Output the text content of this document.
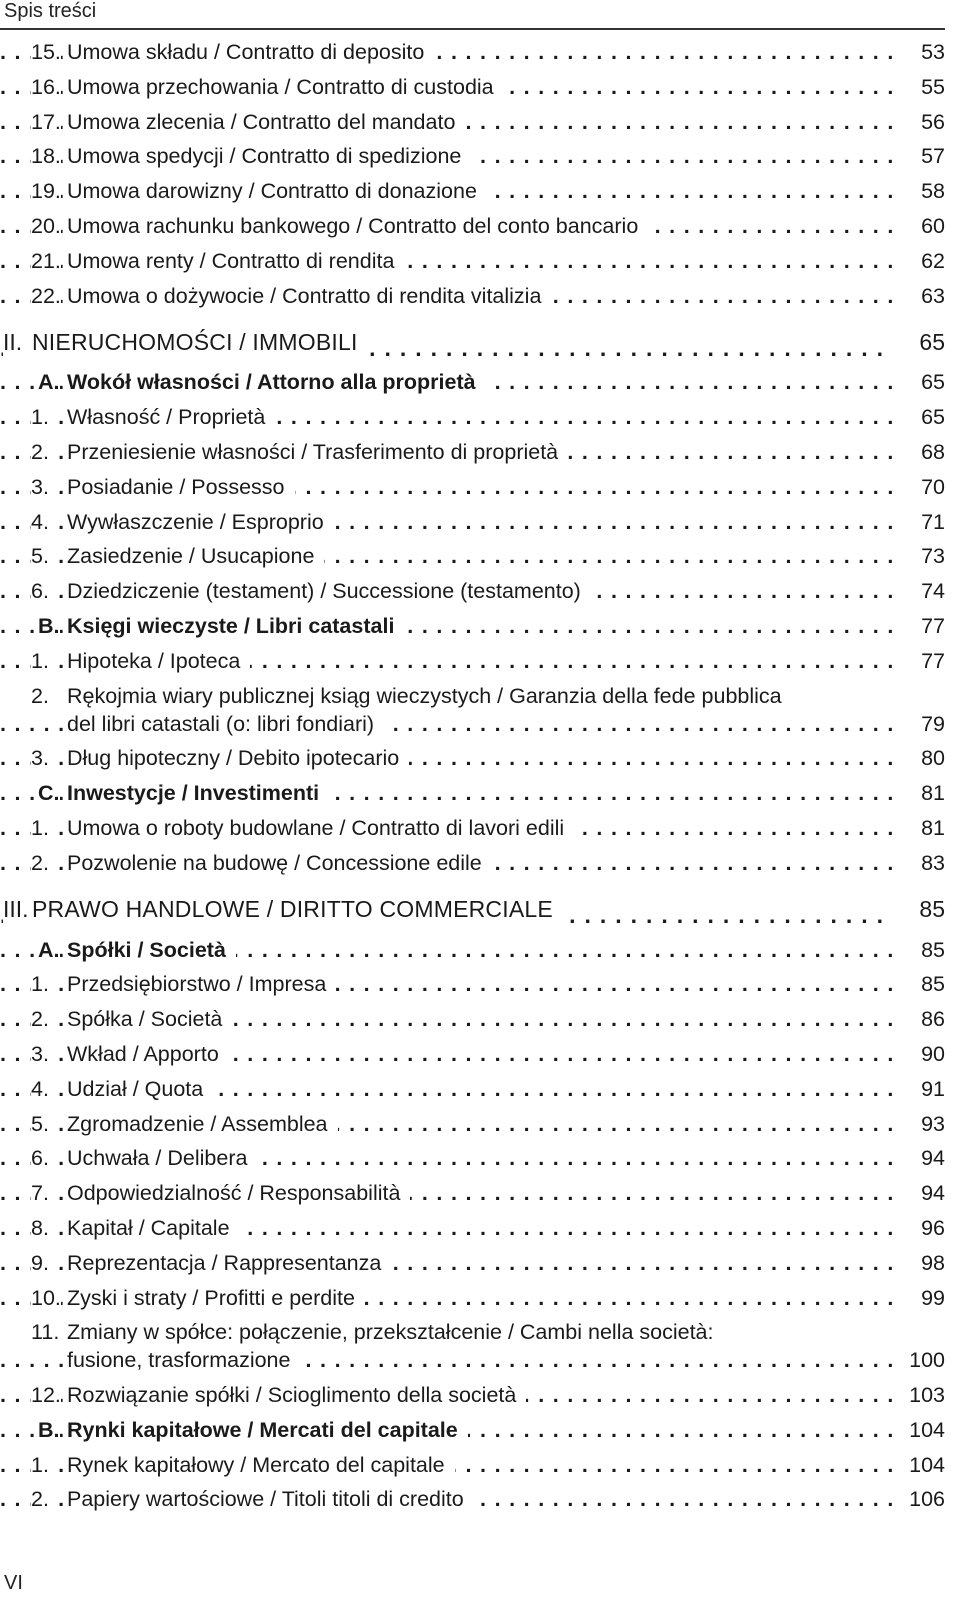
Spis treści
. . .
15. Umowa składu / Contratto di deposito	53
. . .
16. Umowa przechowania / Contratto di custodia	55
. . .
17. Umowa zlecenia / Contratto del mandato	56
. . .
18. Umowa spedycji / Contratto di spedizione	57
. . .
19. Umowa darowizny / Contratto di donazione	58
. . .
20. Umowa rachunku bankowego / Contratto del conto bancario	60
. . .
21. Umowa renty / Contratto di rendita	62
. . .
22. Umowa o dożywocie / Contratto di rendita vitalizia	63
. . .
II. NIERUCHOMOŚCI / IMMOBILI	65
. . .
A. Wokół własności / Attorno alla proprietà	65
. . .
1. Własność / Proprietà	65
. . .
2. Przeniesienie własności / Trasferimento di proprietà	68
. . .
3. Posiadanie / Possesso	70
. . .
4. Wywłaszczenie / Esproprio	71
. . .
5. Zasiedzenie / Usucapione	73
. . .
6. Dziedziczenie (testament) / Successione (testamento)	74
. . .
B. Księgi wieczyste / Libri catastali	77
. . .
1. Hipoteka / Ipoteca	77
. . .
2. Rękojmia wiary publicznej ksiąg wieczystych / Garanzia della fede pubblica
del libri catastali (o: libri fondiari)	79
. . .
3. Dług hipoteczny / Debito ipotecario	80
. . .
C. Inwestycje / Investimenti	81
. . .
1. Umowa o roboty budowlane / Contratto di lavori edili	81
. . .
2. Pozwolenie na budowę / Concessione edile	83
. . .
III. PRAWO HANDLOWE / DIRITTO COMMERCIALE	85
. . .
A. Spółki / Società	85
. . .
1. Przedsiębiorstwo / Impresa	85
. . .
2. Spółka / Società	86
. . .
3. Wkład / Apporto	90
. . .
4. Udział / Quota	91
. . .
5. Zgromadzenie / Assemblea	93
. . .
6. Uchwała / Delibera	94
. . .
7. Odpowiedzialność / Responsabilità	94
. . .
8. Kapitał / Capitale	96
. . .
9. Reprezentacja / Rappresentanza	98
. . .
10. Zyski i straty / Profitti e perdite	99
. . .
11. Zmiany w spółce: połączenie, przekształcenie / Cambi nella società:
fusione, trasformazione	100
. . .
12. Rozwiązanie spółki / Scioglimento della società	103
. . .
B. Rynki kapitałowe / Mercati del capitale	104
. . .
1. Rynek kapitałowy / Mercato del capitale	104
. . .
2. Papiery wartościowe / Titoli titoli di credito	106
VI
